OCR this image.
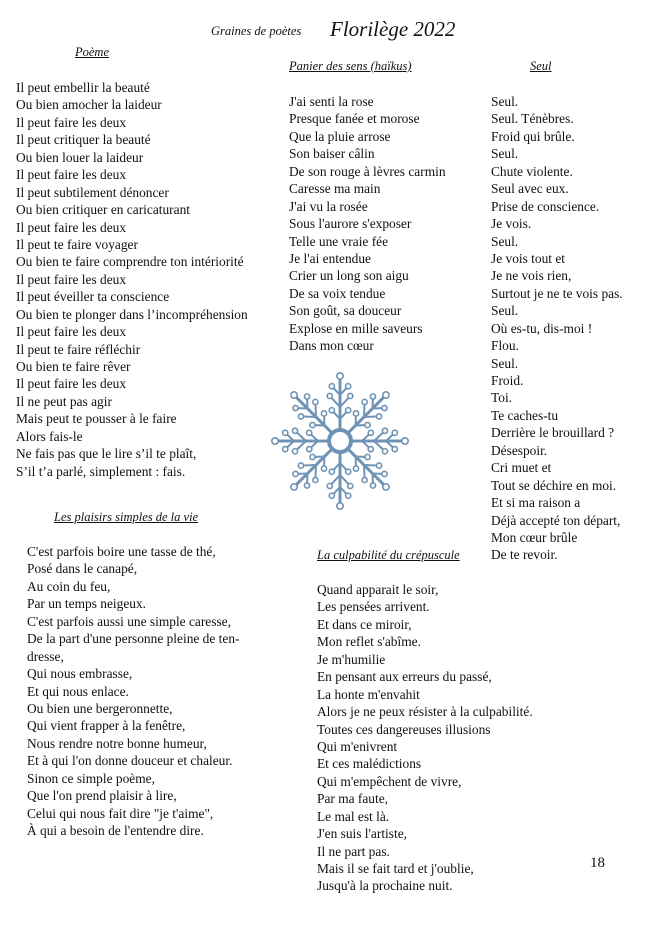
Graines de poètes Florilège 2022
Poème
Il peut embellir la beauté
Ou bien amocher la laideur
Il peut faire les deux
Il peut critiquer la beauté
Ou bien louer la laideur
Il peut faire les deux
Il peut subtilement dénoncer
Ou bien critiquer en caricaturant
Il peut faire les deux
Il peut te faire voyager
Ou bien te faire comprendre ton intériorité
Il peut faire les deux
Il peut éveiller ta conscience
Ou bien te plonger dans l’incompréhension
Il peut faire les deux
Il peut te faire réfléchir
Ou bien te faire rêver
Il peut faire les deux
Il ne peut pas agir
Mais peut te pousser à le faire
Alors fais-le
Ne fais pas que le lire s’il te plaît,
S’il t’a parlé, simplement : fais.
Panier des sens (haïkus)
J'ai senti la rose
Presque fanée et morose
Que la pluie arrose
Son baiser câlin
De son rouge à lèvres carmin
Caresse ma main
J'ai vu la rosée
Sous l'aurore s'exposer
Telle une vraie fée
Je l'ai entendue
Crier un long son aigu
De sa voix tendue
Son goût, sa douceur
Explose en mille saveurs
Dans mon cœur
Seul
Seul.
Seul. Ténèbres.
Froid qui brûle.
Seul.
Chute violente.
Seul avec eux.
Prise de conscience.
Je vois.
Seul.
Je vois tout et
Je ne vois rien,
Surtout je ne te vois pas.
Seul.
Où es-tu, dis-moi !
Flou.
Seul.
Froid.
Toi.
Te caches-tu
Derrière le brouillard ?
Désespoir.
Cri muet et
Tout se déchire en moi.
Et si ma raison a
Déjà accepté ton départ,
Mon cœur brûle
De te revoir.
Les plaisirs simples de la vie
C'est parfois boire une tasse de thé,
Posé dans le canapé,
Au coin du feu,
Par un temps neigeux.
C'est parfois aussi une simple caresse,
De la part d'une personne pleine de ten-
dresse,
Qui nous embrasse,
Et qui nous enlace.
Ou bien une bergeronnette,
Qui vient frapper à la fenêtre,
Nous rendre notre bonne humeur,
Et à qui l'on donne douceur et chaleur.
Sinon ce simple poème,
Que l'on prend plaisir à lire,
Celui qui nous fait dire "je t'aime",
À qui a besoin de l'entendre dire.
La culpabilité du crépuscule
Quand apparait le soir,
Les pensées arrivent.
Et dans ce miroir,
Mon reflet s'abîme.
Je m'humilie
En pensant aux erreurs du passé,
La honte m'envahit
Alors je ne peux résister à la culpabilité.
Toutes ces dangereuses illusions
Qui m'enivrent
Et ces malédictions
Qui m'empêchent de vivre,
Par ma faute,
Le mal est là.
J'en suis l'artiste,
Il ne part pas.
Mais il se fait tard et j'oublie,
Jusqu'à la prochaine nuit.
18
